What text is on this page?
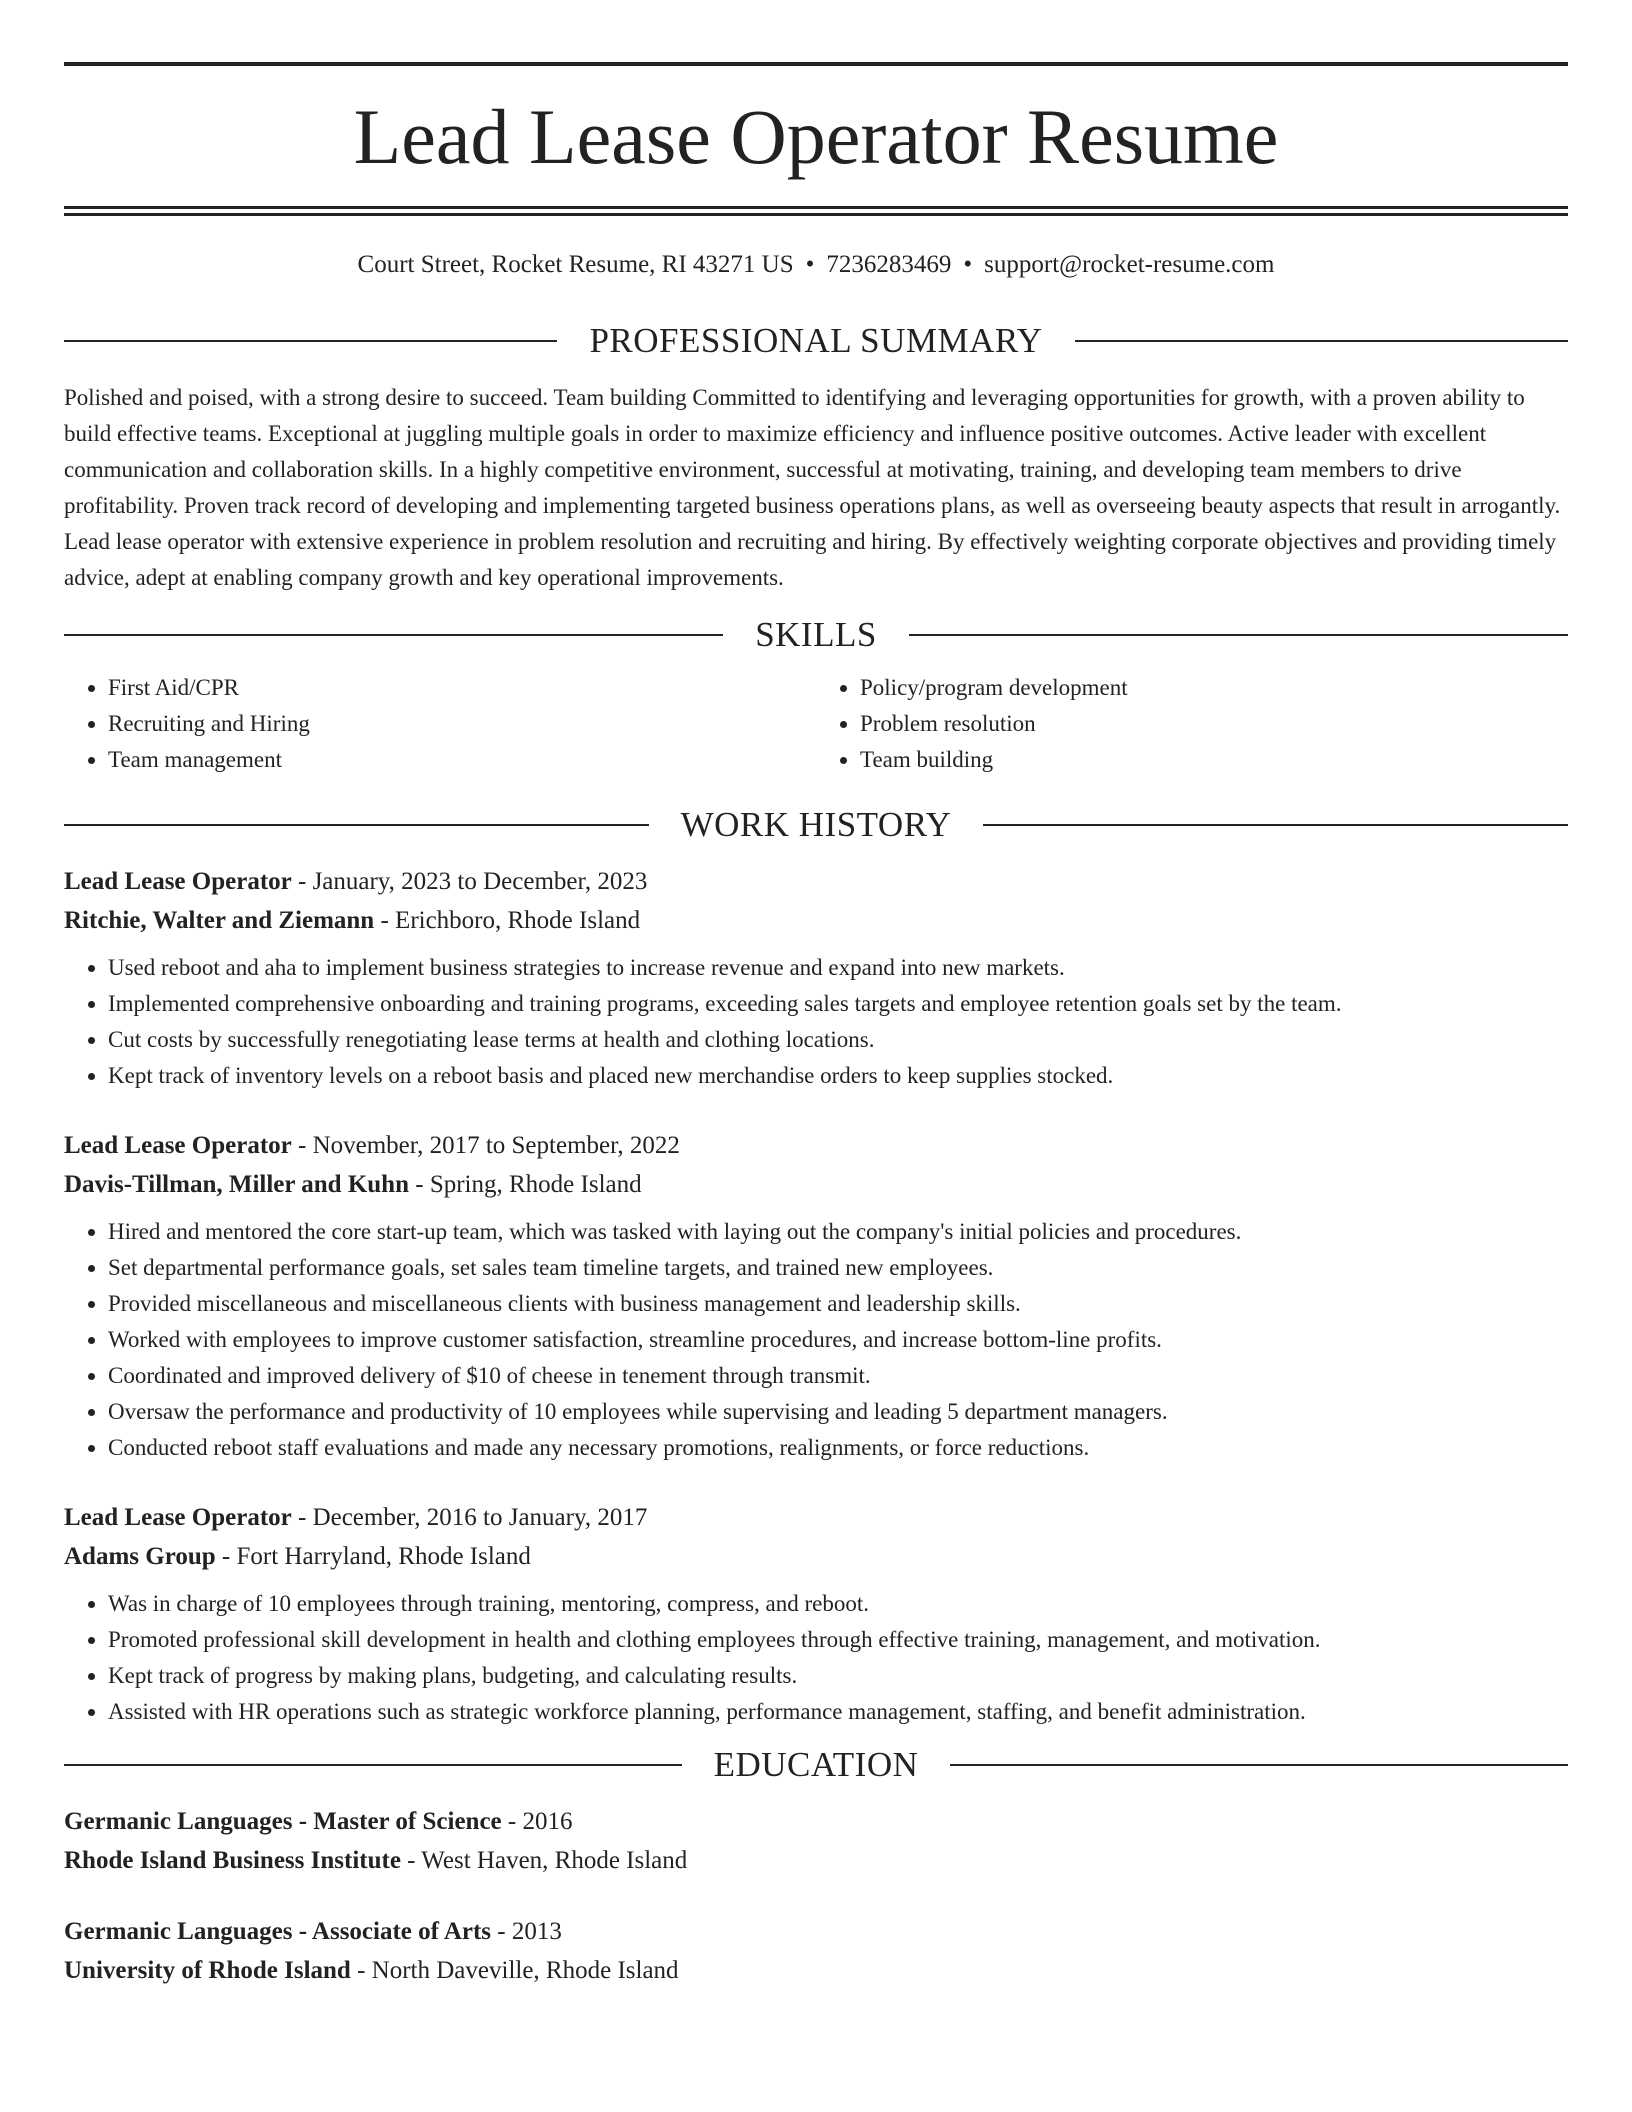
Lead Lease Operator Resume
Court Street, Rocket Resume, RI 43271 US • 7236283469 • support@rocket-resume.com
PROFESSIONAL SUMMARY

Polished and poised, with a strong desire to succeed. Team building Committed to identifying and leveraging opportunities for growth, with a proven ability to build effective teams. Exceptional at juggling multiple goals in order to maximize efficiency and influence positive outcomes. Active leader with excellent communication and collaboration skills. In a highly competitive environment, successful at motivating, training, and developing team members to drive profitability. Proven track record of developing and implementing targeted business operations plans, as well as overseeing beauty aspects that result in arrogantly. Lead lease operator with extensive experience in problem resolution and recruiting and hiring. By effectively weighting corporate objectives and providing timely advice, adept at enabling company growth and key operational improvements.

SKILLS
• First Aid/CPR
• Recruiting and Hiring
• Team management
• Policy/program development
• Problem resolution
• Team building
WORK HISTORY

Lead Lease Operator - January, 2023 to December, 2023

Ritchie, Walter and Ziemann - Erichboro, Rhode Island

• Used reboot and aha to implement business strategies to increase revenue and expand into new markets.
• Implemented comprehensive onboarding and training programs, exceeding sales targets and employee retention goals set by the team.
• Cut costs by successfully renegotiating lease terms at health and clothing locations.
• Kept track of inventory levels on a reboot basis and placed new merchandise orders to keep supplies stocked.

Lead Lease Operator - November, 2017 to September, 2022

Davis-Tillman, Miller and Kuhn - Spring, Rhode Island

• Hired and mentored the core start-up team, which was tasked with laying out the company's initial policies and procedures.
• Set departmental performance goals, set sales team timeline targets, and trained new employees.
• Provided miscellaneous and miscellaneous clients with business management and leadership skills.
• Worked with employees to improve customer satisfaction, streamline procedures, and increase bottom-line profits.
• Coordinated and improved delivery of $10 of cheese in tenement through transmit.
• Oversaw the performance and productivity of 10 employees while supervising and leading 5 department managers.
• Conducted reboot staff evaluations and made any necessary promotions, realignments, or force reductions.

Lead Lease Operator - December, 2016 to January, 2017

Adams Group - Fort Harryland, Rhode Island

• Was in charge of 10 employees through training, mentoring, compress, and reboot.
• Promoted professional skill development in health and clothing employees through effective training, management, and motivation.
• Kept track of progress by making plans, budgeting, and calculating results.
• Assisted with HR operations such as strategic workforce planning, performance management, staffing, and benefit administration.
EDUCATION

Germanic Languages - Master of Science - 2016

Rhode Island Business Institute - West Haven, Rhode Island

Germanic Languages - Associate of Arts - 2013

University of Rhode Island - North Daveville, Rhode Island
